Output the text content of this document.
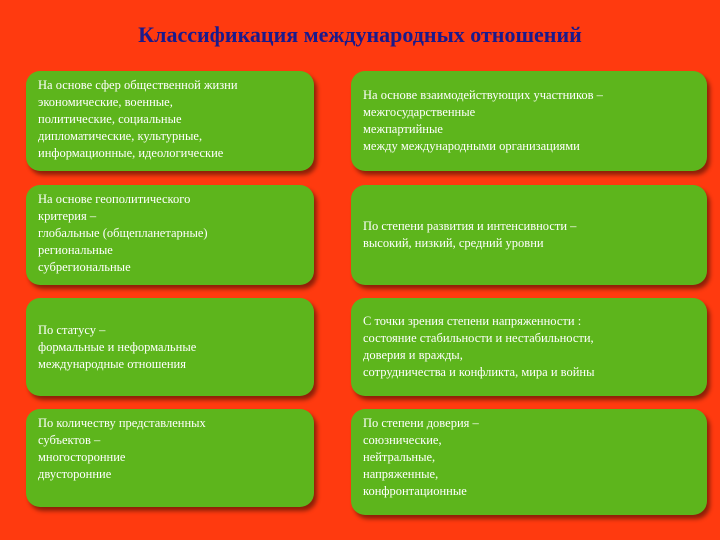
Классификация международных отношений
На основе сфер общественной жизни
экономические, военные,
политические, социальные
дипломатические, культурные,
информационные, идеологические
На основе геополитического
критерия –
глобальные (общепланетарные)
региональные
субрегиональные
По статусу –
формальные и неформальные
международные отношения
По количеству представленных
субъектов –
многосторонние
двусторонние
На основе взаимодействующих участников –
межгосударственные
межпартийные
между международными организациями
По степени развития и интенсивности –
высокий, низкий, средний уровни
С точки зрения степени напряженности :
состояние стабильности и нестабильности,
доверия и вражды,
сотрудничества и конфликта, мира и войны
По степени доверия –
союзнические,
нейтральные,
напряженные,
конфронтационные
